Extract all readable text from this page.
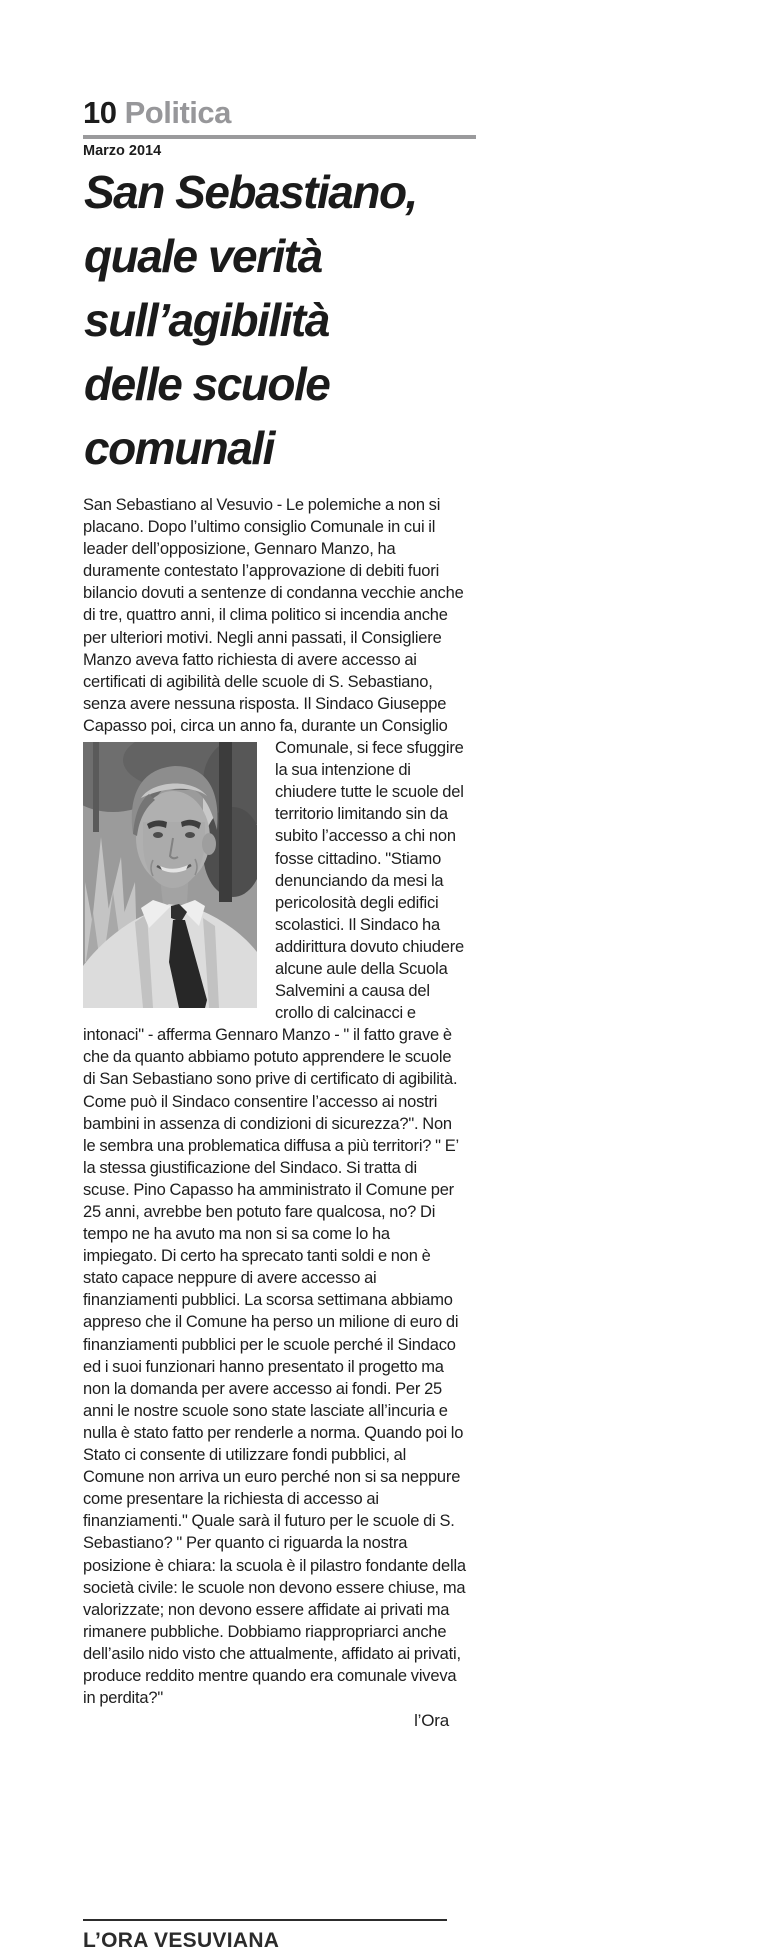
10 Politica
Marzo 2014
San Sebastiano,
quale verità
sull’agibilità
delle scuole
comunali
San Sebastiano al Vesuvio - Le polemiche a non si placano. Dopo l’ultimo consiglio Comunale in cui il leader dell’opposizione, Gennaro Manzo, ha duramente contestato l’approvazione di debiti fuori bilancio dovuti a sentenze di condanna vecchie anche di tre, quattro anni, il clima politico si incendia anche per ulteriori motivi. Negli anni passati, il Consigliere Manzo aveva fatto richiesta di avere accesso ai certificati di agibilità delle scuole di S. Sebastiano, senza avere nessuna risposta. Il Sindaco Giuseppe Capasso poi, circa un anno fa, durante un Consiglio Comunale, si fece sfuggire la sua intenzione di chiudere tutte le scuole del territorio limitando sin da subito l’accesso a chi non fosse cittadino. "Stiamo denunciando da mesi la pericolosità degli edifici scolastici. Il Sindaco ha addirittura dovuto chiudere alcune aule della Scuola Salvemini a causa del crollo di calcinacci e intonaci" - afferma Gennaro Manzo - " il fatto grave è che da quanto abbiamo potuto apprendere le scuole di San Sebastiano sono prive di certificato di agibilità. Come può il Sindaco consentire l’accesso ai nostri bambini in assenza di condizioni di sicurezza?". Non le sembra una problematica diffusa a più territori? " E’ la stessa giustificazione del Sindaco. Si tratta di scuse. Pino Capasso ha amministrato il Comune per 25 anni, avrebbe ben potuto fare qualcosa, no? Di tempo ne ha avuto ma non si sa come lo ha impiegato. Di certo ha sprecato tanti soldi e non è stato capace neppure di avere accesso ai finanziamenti pubblici. La scorsa settimana abbiamo appreso che il Comune ha perso un milione di euro di finanziamenti pubblici per le scuole perché il Sindaco ed i suoi funzionari hanno presentato il progetto ma non la domanda per avere accesso ai fondi. Per 25 anni le nostre scuole sono state lasciate all’incuria e nulla è stato fatto per renderle a norma. Quando poi lo Stato ci consente di utilizzare fondi pubblici, al Comune non arriva un euro perché non si sa neppure come presentare la richiesta di accesso ai finanziamenti." Quale sarà il futuro per le scuole di S. Sebastiano? " Per quanto ci riguarda la nostra posizione è chiara: la scuola è il pilastro fondante della società civile: le scuole non devono essere chiuse, ma valorizzate; non devono essere affidate ai privati ma rimanere pubbliche. Dobbiamo riappropriarci anche dell’asilo nido visto che attualmente, affidato ai privati, produce reddito mentre quando era comunale viveva in perdita?"
l’Ora
L’ORA VESUVIANA
